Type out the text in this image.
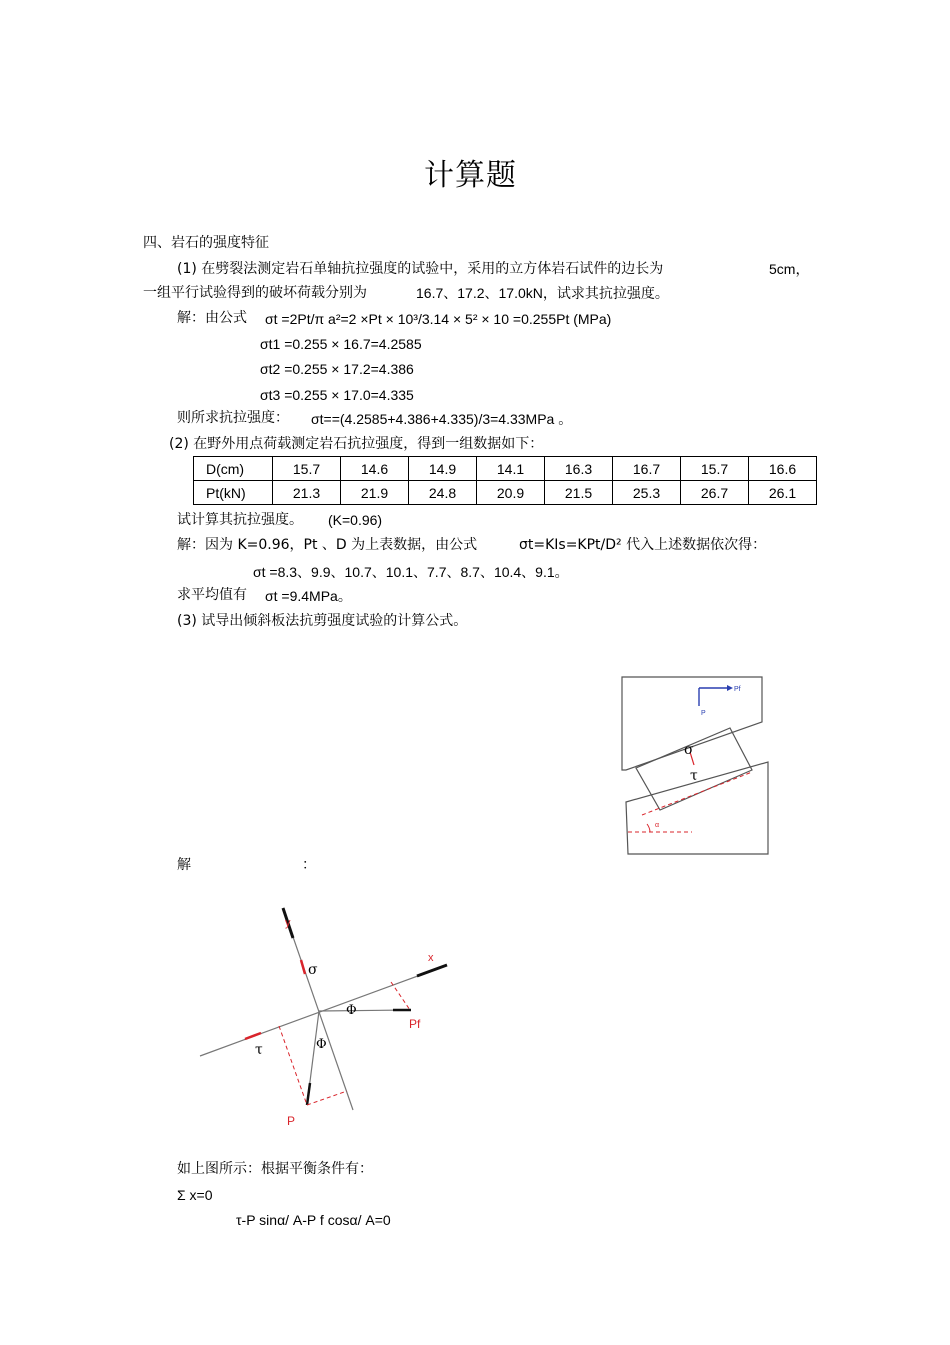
计算题
四、岩石的强度特征
(1) 在劈裂法测定岩石单轴抗拉强度的试验中，采用的立方体岩石试件的边长为	5cm，
一组平行试验得到的破坏荷载分别为	16.7、17.2、17.0kN，试求其抗拉强度。
解：由公式 σt =2Pt/π a²=2 ×Pt × 10³/3.14 × 5² × 10 =0.255Pt (MPa)
σt1 =0.255 × 16.7=4.2585
σt2 =0.255 × 17.2=4.386
σt3 =0.255 × 17.0=4.335
则所求抗拉强度： σt==(4.2585+4.386+4.335)/3=4.33MPa 。
(2) 在野外用点荷载测定岩石抗拉强度，得到一组数据如下：
D(cm)	15.7	14.6	14.9	14.1	16.3	16.7	15.7	16.6
Pt(kN)	21.3	21.9	24.8	20.9	21.5	25.3	26.7	26.1
试计算其抗拉强度。 (K=0.96)
解：因为 K=0.96，Pt 、D 为上表数据，由公式	σt=KIs=KPt/D² 代入上述数据依次得：
σt =8.3、9.9、10.7、10.1、7.7、8.7、10.4、9.1。
求平均值有 σt =9.4MPa。
(3) 试导出倾斜板法抗剪强度试验的计算公式。
Pf
P
σ
τ
α
解	：
y
x
σ
τ
Φ
Φ
Pf
P
如上图所示：根据平衡条件有：
Σ x=0
τ-P sinα/ A-P f cosα/ A=0
